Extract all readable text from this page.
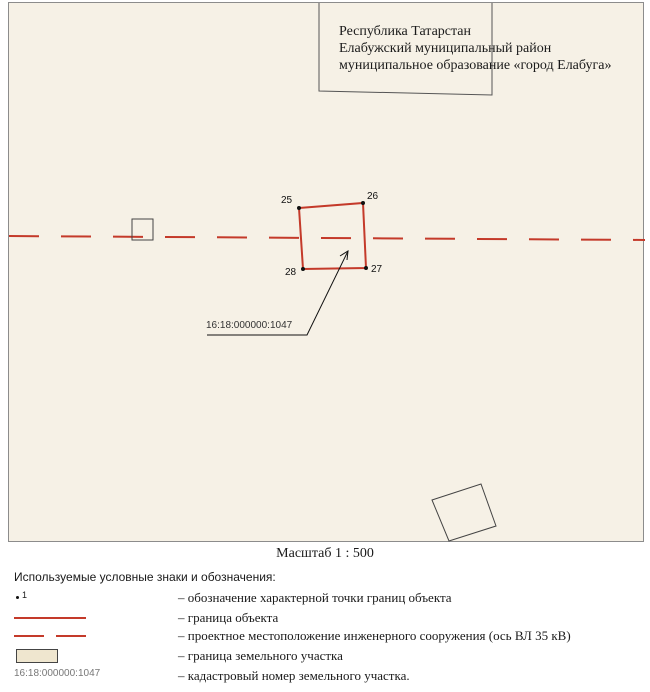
25	26
27
28
16:18:000000:1047
Республика Татарстан
Елабужский муниципальный район
муниципальное образование «город Елабуга»
Масштаб 1 : 500
Используемые условные знаки и обозначения:
1	– обозначение характерной точки границ объекта
– граница объекта
– проектное местоположение инженерного сооружения (ось ВЛ 35 кВ)
– граница земельного участка
16:18:000000:1047	– кадастровый номер земельного участка.
